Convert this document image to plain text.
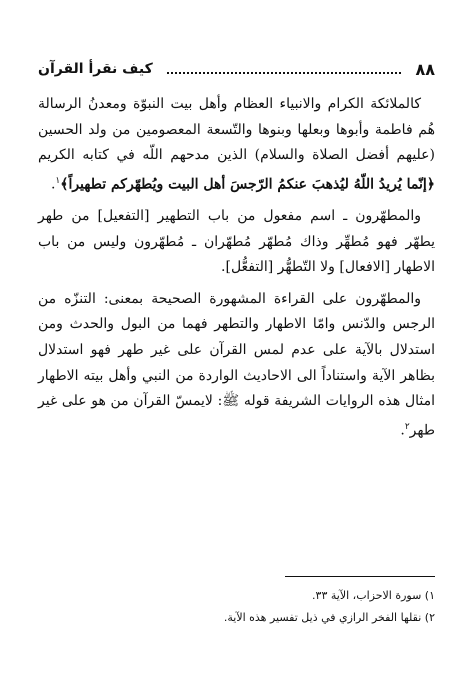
٨٨
كيف نقرأ القرآن

كالملائكة الكرام والانبياء العظام وأهل بيت النبوّة ومعدنُ الرسالة هُم فاطمة وأبوها وبعلها وبنوها والتّسعة المعصومين من ولد الحسين (عليهم أفضل الصلاة والسلام) الذين مدحهم اللّه في كتابه الكريم ﴿إنّما يُريدُ اللّهُ ليُذهبَ عنكمُ الرّجسَ أهل البيت ويُطهّركم تطهيراً﴾$^١$.

والمطهّرون ـ اسم مفعول من باب التطهير [التفعيل] من طهر يطهّر فهو مُطهِّر وذاك مُطهّر مُطهّران ـ مُطهّرون وليس من باب الاطهار [الافعال] ولا التّطهُّر [التفعُّل].

والمطهّرون على القراءة المشهورة الصحيحة بمعنى: التنزّه من الرجس والدّنس وامّا الاطهار والتطهر فهما من البول والحدث ومن استدلال بالآية على عدم لمس القرآن على غير طهر فهو استدلال بظاهر الآية واستناداً الى الاحاديث الواردة من النبي وأهل بيته الاطهار امثال هذه الروايات الشريفة قوله ﷺ: لايمسّ القرآن من هو على غير طهر$^٢$.

١) سورة الاحزاب، الآية ٣٣.
٢) نقلها الفخر الرازي في ذيل تفسير هذه الآية.
